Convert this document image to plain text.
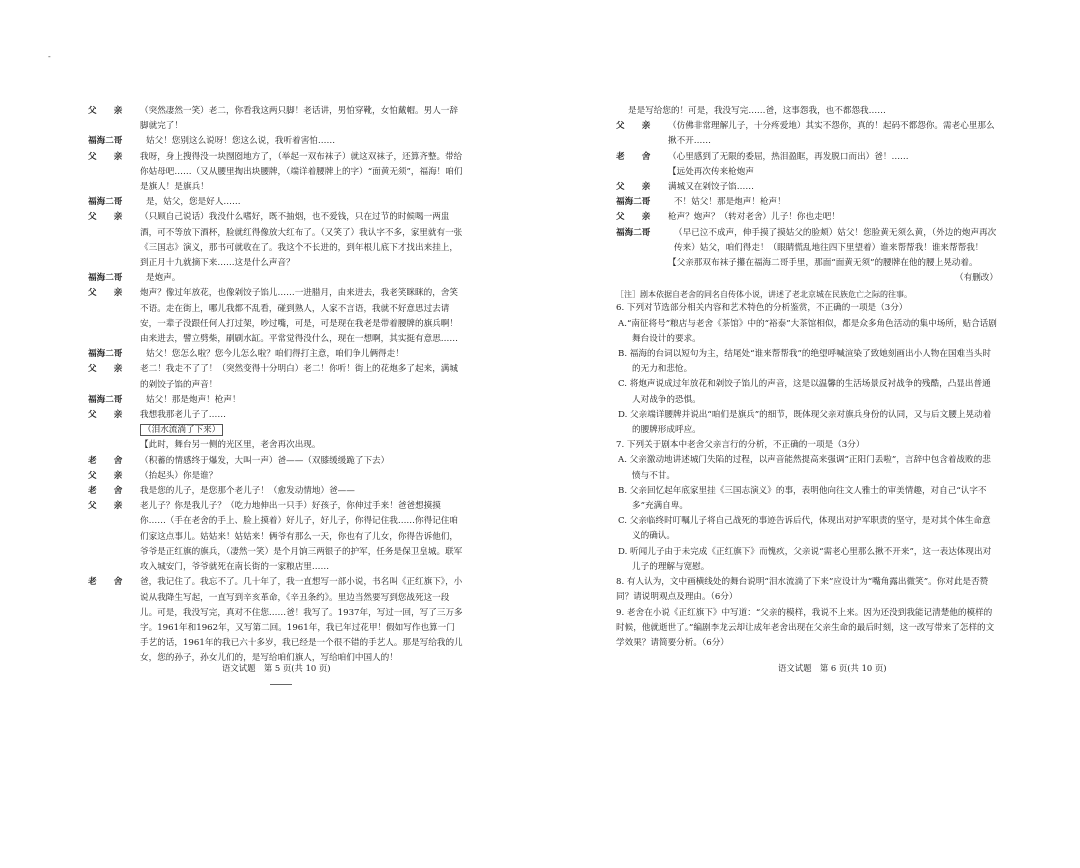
-
父　　亲	（突然凄然一笑）老二，你看我这两只脚！老话讲，男怕穿靴，女怕戴帽。男人一辞脚就完了！
福海二哥	姑父！您别这么说呀！您这么说，我听着害怕……
父　　亲	我呀，身上搜得没一块囫囵地方了，（举起一双布袜子）就这双袜子，还算齐整。带给你姑母吧……（又从腰里掏出块腰牌，（端详着腰牌上的字）“面黄无须”，福海！咱们是旗人！是旗兵！
福海二哥	是，姑父，您是好人……
父　　亲	（只顾自己说话）我没什么嗜好，既不抽烟，也不爱钱，只在过节的时候喝一两盅酒，可不等放下酒杯，脸就红得像放大红布了。（又笑了）我认字不多，家里就有一张《三国志》演义，那书可就收在了。我这个不长进的，到年根儿底下才找出来挂上，到正月十九就摘下来……这是什么声音？
福海二哥	是炮声。
父　　亲	炮声？像过年放花，也像剁饺子馅儿……一进腊月，由来进去，我老笑眯眯的，舍笑不语。走在街上，哪儿我都不乱看，碰到熟人，人家不言语，我就不好意思过去请安，一辈子没跟任何人打过架，吵过嘴，可是，可是现在我老是带着腰牌的旗兵啊！由来进去，譬立劈柴，刷刷水缸。平常觉得没什么，现在一想啊，其实挺有意思……
福海二哥	姑父！您怎么啦？您今儿怎么啦？咱们得打主意，咱们争儿俩得走！
父　　亲	老二！我走不了了！（突然变得十分明白）老二！你听！街上的花炮多了起来，满城的剁饺子馅的声音！
福海二哥	姑父！那是炮声！枪声！
父　　亲	我想我那老儿子了……
（泪水流淌了下来）
【 此时，舞台另一侧的光区里，老舍再次出现。
老　　舍	（积蓄的情感终于爆发，大叫一声）爸——（双膝缓缓跪了下去）
父　　亲	（抬起头）你是谁？
老　　舍	我是您的儿子，是您那个老儿子！（愈发动情地）爸——
父　　亲	老儿子？你是我儿子？（吃力地伸出一只手）好孩子，你伸过手来！爸爸想摸摸你……（手在老舍的手上、脸上摸着）好儿子，好儿子，你得记住我……你得记住咱们家这点事儿。姑姑来！姑姑来！俩爷有那么一天，你也有了儿女，你得告诉他们，爷爷是正红旗的旗兵，（凄然一笑）是个月饷三两银子的护军，任务是保卫皇城。联军攻入城安门，爷爷就死在南长街的一家粮店里……
老　　舍	爸，我记住了。我忘不了。几十年了，我一直想写一部小说，书名叫《正红旗下》，小说从我降生写起，一直写到辛亥革命，《辛丑条约》。里边当然要写到您战死这一段儿。可是，我没写完，真对不住您……爸！我写了。1937年，写过一回，写了三万多字。1961年和1962年，又写第二回。1961年，我已年过花甲！假如写作也算一门手艺的话，1961年的我已六十多岁，我已经是一个很不错的手艺人。那是写给我的儿女，您的孙子，孙女儿们的，是写给咱们旗人，写给咱们中国人的！
语文试题　第 5 页(共 10 页)
是是写给您的！可是，我没写完……爸，这事怨我，也不都怨我……
父　　亲	（仿佛非常理解儿子，十分疼爱地）其实不怨你，真的！起码不都怨你。需老心里那么揪不开……
老　　舍	（心里感到了无限的委屈，热泪盈眶，再发脱口而出）爸！……
【 远处再次传来枪炮声
父　　亲	满城又在剁饺子馅……
福海二哥	不！姑父！那是炮声！枪声！
父　　亲	枪声？炮声？（转对老舍）儿子！你也走吧！
福海二哥	（早已泣不成声，伸手摸了摸姑父的脸颊）姑父！您脸黄无须么黄，（外边的炮声再次传来）姑父，咱们得走！（眼睛慌乱地往四下里望着）谁来帮帮我！谁来帮帮我！
【 父亲那双布袜子攥在福海二哥手里，那面“面黄无须”的腰牌在他的腰上晃动着。
（有删改）
［注］剧本依据自老舍的同名自传体小说，讲述了老北京城在民族危亡之际的往事。
6. 下列对节选部分相关内容和艺术特色的分析鉴赏，不正确的一项是（3分）
A.“南征将号”粮店与老舍《茶馆》中的“裕泰”大茶馆相似，都是众多角色活动的集中场所，贴合话剧舞台设计的要求。
B. 福海的台词以短句为主，结尾处“谁来帮帮我”的绝望呼喊渲染了致她刻画出小人物在国难当头时的无力和悲怆。
C. 将炮声说成过年放花和剁饺子馅儿的声音，这是以温馨的生活场景反衬战争的残酷，凸显出普通人对战争的恐惧。
D. 父亲端详腰牌并说出“咱们是旗兵”的细节，既体现父亲对旗兵身份的认同，又与后文腰上晃动着的腰牌形成呼应。
7. 下列关于剧本中老舍父亲言行的分析，不正确的一项是（3分）
A. 父亲激动地讲述城门失陷的过程，以声音能然提高来强调“正阳门丢啦”，言辞中包含着战败的悲愤与不甘。
B. 父亲回忆起年底家里挂《三国志演义》的事，表明他向往文人雅士的审美情趣，对自己“认字不多”充满自卑。
C. 父亲临终时叮嘱儿子将自己战死的事迹告诉后代，体现出对护军职责的坚守，是对其个体生命意义的确认。
D. 听闻儿子由于未完成《正红旗下》而愧疚，父亲说“需老心里那么揪不开来”，这一表达体现出对儿子的理解与宽慰。
8. 有人认为，文中画横线处的舞台说明“泪水流淌了下来”应设计为“嘴角露出微笑”。你对此是否赞同？请说明观点及理由。（6分）
9. 老舍在小说《正红旗下》中写道：“父亲的模样，我说不上来。因为还没到我能记清楚他的模样的时候，他就逝世了。”编剧李龙云却让成年老舍出现在父亲生命的最后时刻，这一改写带来了怎样的文学效果？请简要分析。（6分）
语文试题　第 6 页(共 10 页)
